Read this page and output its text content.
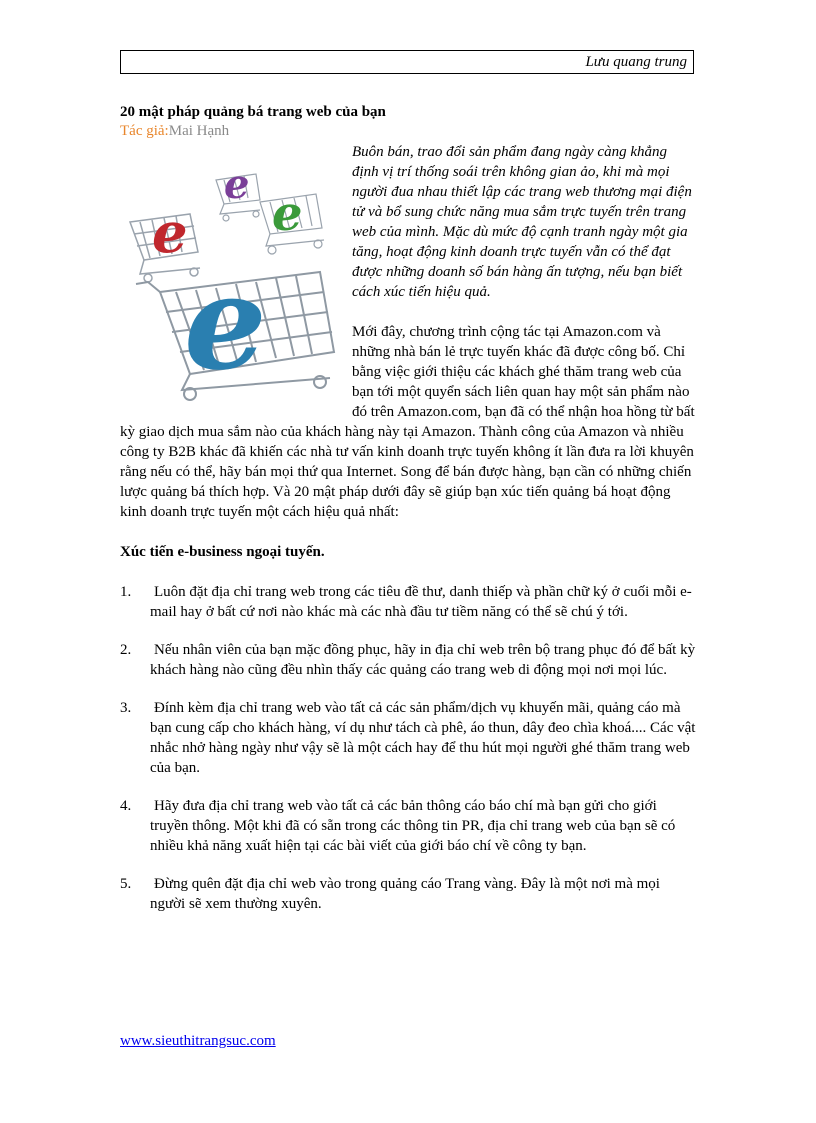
Lưu quang trung
20 mật pháp quảng bá trang web của bạn
Tác giả:Mai Hạnh
e
e
e
e

Buôn bán, trao đổi sản phẩm đang ngày càng khẳng định vị trí thống soái trên không gian ảo, khi mà mọi người đua nhau thiết lập các trang web thương mại điện tử và bổ sung chức năng mua sắm trực tuyến trên trang web của mình. Mặc dù mức độ cạnh tranh ngày một gia tăng, hoạt động kinh doanh trực tuyến vẫn có thể đạt được những doanh số bán hàng ấn tượng, nếu bạn biết cách xúc tiến hiệu quả.

Mới đây, chương trình cộng tác tại Amazon.com và những nhà bán lẻ trực tuyến khác đã được công bố. Chỉ bằng việc giới thiệu các khách ghé thăm trang web của bạn tới một quyển sách liên quan hay một sản phẩm nào đó trên Amazon.com, bạn đã có thể nhận hoa hồng từ bất kỳ giao dịch mua sắm nào của khách hàng này tại Amazon. Thành công của Amazon và nhiều công ty B2B khác đã khiến các nhà tư vấn kinh doanh trực tuyến không ít lần đưa ra lời khuyên rằng nếu có thể, hãy bán mọi thứ qua Internet. Song để bán được hàng, bạn cần có những chiến lược quảng bá thích hợp. Và 20 mật pháp dưới đây sẽ giúp bạn xúc tiến quảng bá hoạt động kinh doanh trực tuyến một cách hiệu quả nhất:

Xúc tiến e-business ngoại tuyến.
1. Luôn đặt địa chỉ trang web trong các tiêu đề thư, danh thiếp và phần chữ ký ở cuối mỗi e-mail hay ở bất cứ nơi nào khác mà các nhà đầu tư tiềm năng có thể sẽ chú ý tới.
2. Nếu nhân viên của bạn mặc đồng phục, hãy in địa chỉ web trên bộ trang phục đó để bất kỳ khách hàng nào cũng đều nhìn thấy các quảng cáo trang web di động mọi nơi mọi lúc.
3. Đính kèm địa chỉ trang web vào tất cả các sản phẩm/dịch vụ khuyến mãi, quảng cáo mà bạn cung cấp cho khách hàng, ví dụ như tách cà phê, áo thun, dây đeo chìa khoá.... Các vật nhắc nhở hàng ngày như vậy sẽ là một cách hay để thu hút mọi người ghé thăm trang web của bạn.
4. Hãy đưa địa chỉ trang web vào tất cả các bản thông cáo báo chí mà bạn gửi cho giới truyền thông. Một khi đã có sẵn trong các thông tin PR, địa chỉ trang web của bạn sẽ có nhiều khả năng xuất hiện tại các bài viết của giới báo chí về công ty bạn.
5. Đừng quên đặt địa chỉ web vào trong quảng cáo Trang vàng. Đây là một nơi mà mọi người sẽ xem thường xuyên.
www.sieuthitrangsuc.com
